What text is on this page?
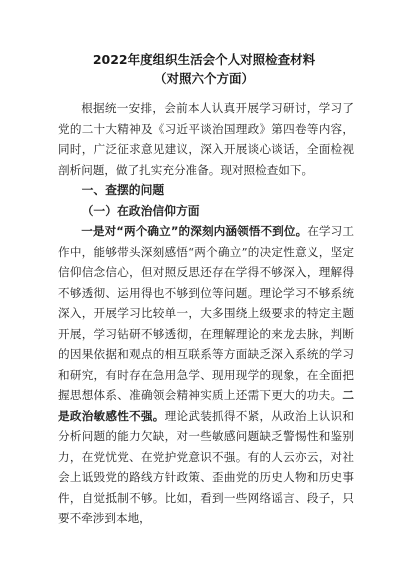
2022年度组织生活会个人对照检查材料
（对照六个方面）

根据统一安排，会前本人认真开展学习研讨，学习了党的二十大精神及《习近平谈治国理政》第四卷等内容，同时，广泛征求意见建议，深入开展谈心谈话，全面检视剖析问题，做了扎实充分准备。现对照检查如下。

一、查摆的问题

（一）在政治信仰方面

一是对“两个确立”的深刻内涵领悟不到位。在学习工作中，能够带头深刻感悟“两个确立”的决定性意义，坚定信仰信念信心，但对照反思还存在学得不够深入，理解得不够透彻、运用得也不够到位等问题。理论学习不够系统深入，开展学习比较单一，大多围绕上级要求的特定主题开展，学习钻研不够透彻，在理解理论的来龙去脉，判断的因果依据和观点的相互联系等方面缺乏深入系统的学习和研究，有时存在急用急学、现用现学的现象，在全面把握思想体系、准确领会精神实质上还需下更大的功夫。二是政治敏感性不强。理论武装抓得不紧，从政治上认识和分析问题的能力欠缺，对一些敏感问题缺乏警惕性和鉴别力，在党忧党、在党护党意识不强。有的人云亦云，对社会上诋毁党的路线方针政策、歪曲党的历史人物和历史事件，自觉抵制不够。比如，看到一些网络谣言、段子，只要不牵涉到本地，
